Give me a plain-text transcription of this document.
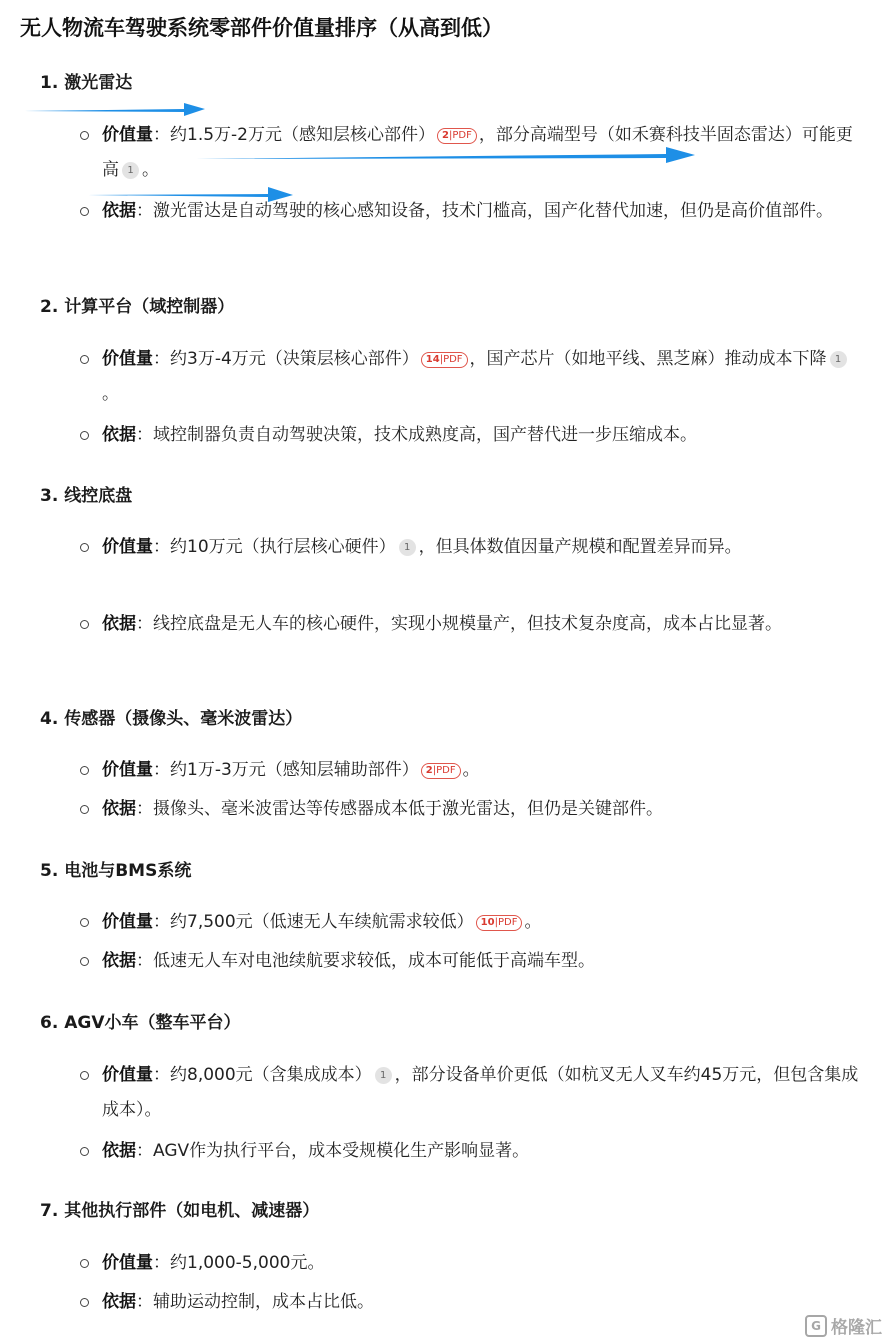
无人物流车驾驶系统零部件价值量排序（从高到低）
1. 激光雷达

价值量：约1.5万-2万元（感知层核心部件） 2|PDF ，部分高端型号（如禾赛科技半固态雷达）可能更高 1 。

依据：激光雷达是自动驾驶的核心感知设备，技术门槛高，国产化替代加速，但仍是高价值部件。

2. 计算平台（域控制器）

价值量：约3万-4万元（决策层核心部件） 14|PDF ，国产芯片（如地平线、黑芝麻）推动成本下降 1。

依据：域控制器负责自动驾驶决策，技术成熟度高，国产替代进一步压缩成本。

3. 线控底盘

价值量：约10万元（执行层核心硬件） 1 ，但具体数值因量产规模和配置差异而异。

依据：线控底盘是无人车的核心硬件，实现小规模量产，但技术复杂度高，成本占比显著。

4. 传感器（摄像头、毫米波雷达）

价值量：约1万-3万元（感知层辅助部件） 2|PDF 。

依据：摄像头、毫米波雷达等传感器成本低于激光雷达，但仍是关键部件。

5. 电池与BMS系统

价值量：约7,500元（低速无人车续航需求较低） 10|PDF 。

依据：低速无人车对电池续航要求较低，成本可能低于高端车型。

6. AGV小车（整车平台）

价值量：约8,000元（含集成成本） 1 ，部分设备单价更低（如杭叉无人叉车约45万元，但包含集成成本）。

依据：AGV作为执行平台，成本受规模化生产影响显著。

7. 其他执行部件（如电机、减速器）

价值量：约1,000-5,000元。

依据：辅助运动控制，成本占比低。

G 格隆汇
